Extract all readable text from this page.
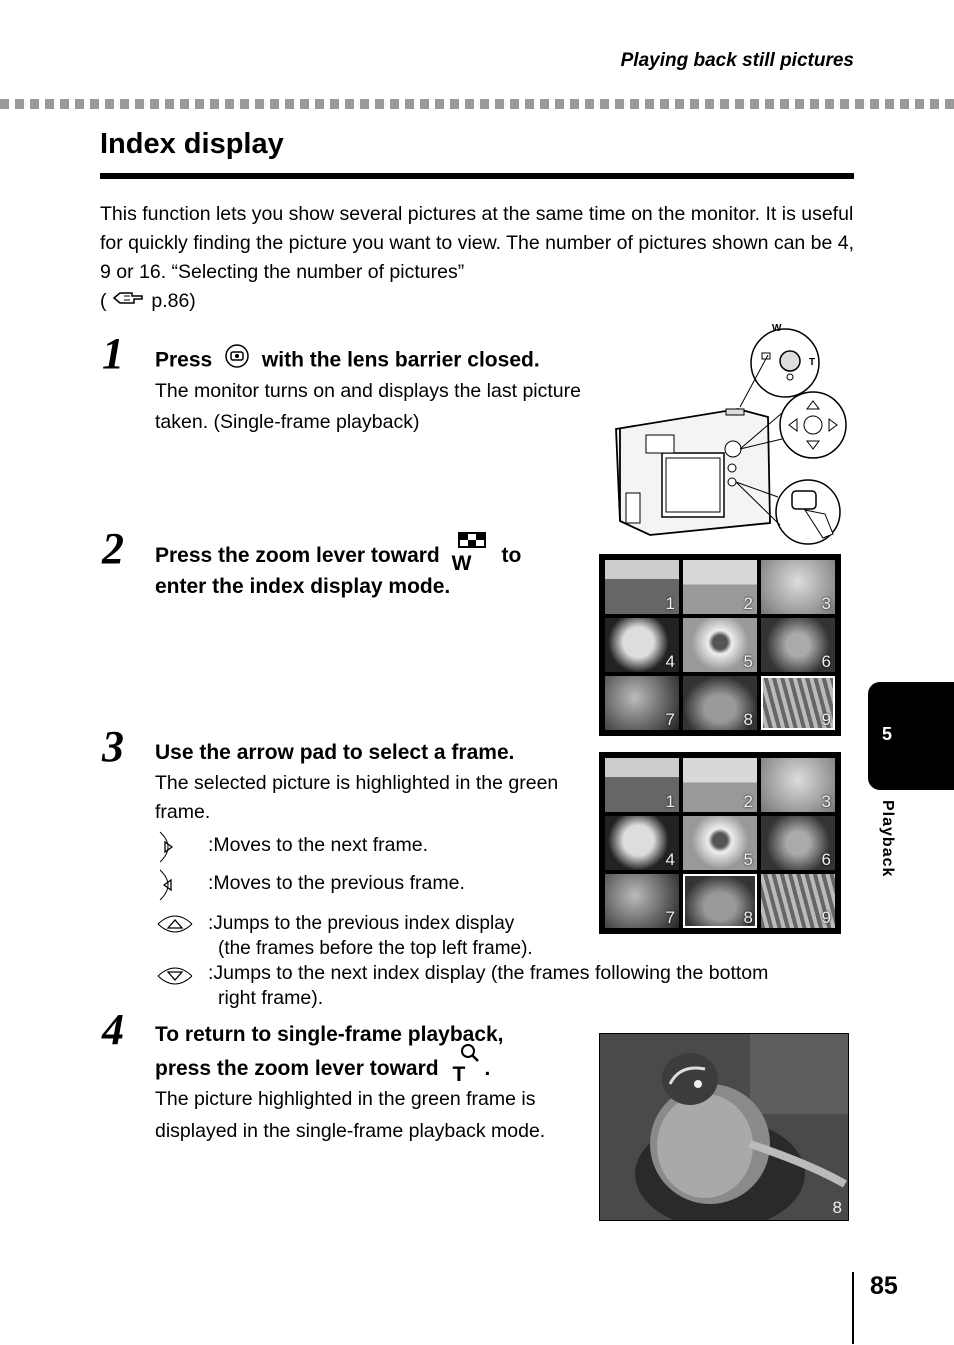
Playing back still pictures
Index display
This function lets you show several pictures at the same time on the monitor. It is useful for quickly finding the picture you want to view. The number of pictures shown can be 4, 9 or 16. “Selecting the number of pictures”
( p.86)
1 Press with the lens barrier closed.
The monitor turns on and displays the last picture taken. (Single-frame playback)
W
T
2 Press the zoom lever toward W to
enter the index display mode.
1	2	3
4	5	6
7	8	9
3 Use the arrow pad to select a frame.
The selected picture is highlighted in the green frame.
:Moves to the next frame.
:Moves to the previous frame.
:Jumps to the previous index display
(the frames before the top left frame).
:Jumps to the next index display (the frames following the bottom
right frame).
1	2	3
4	5	6
7	8	9
4 To return to single-frame playback,
press the zoom lever toward T .
The picture highlighted in the green frame is displayed in the single-frame playback mode.
8
5
Playback
85
